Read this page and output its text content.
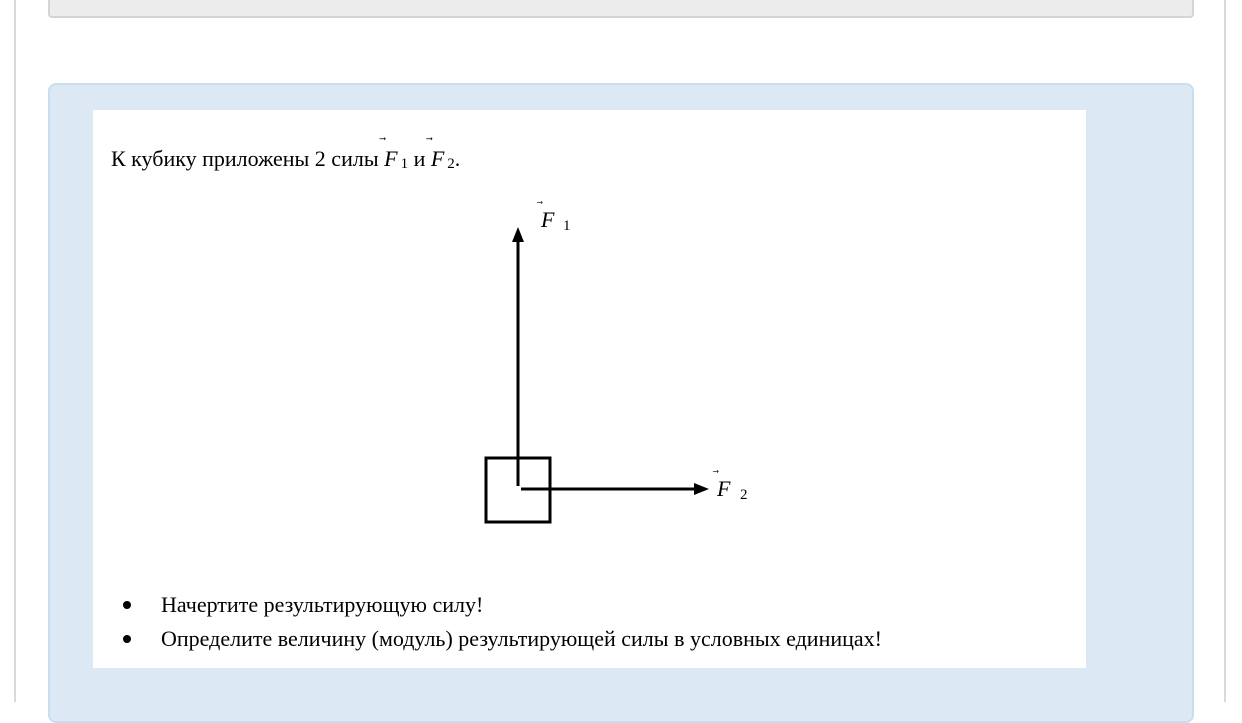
К кубику приложены 2 силы F 1 и F 2.
F 1
F 2
Начертите результирующую силу!
Определите величину (модуль) результирующей силы в условных единицах!
